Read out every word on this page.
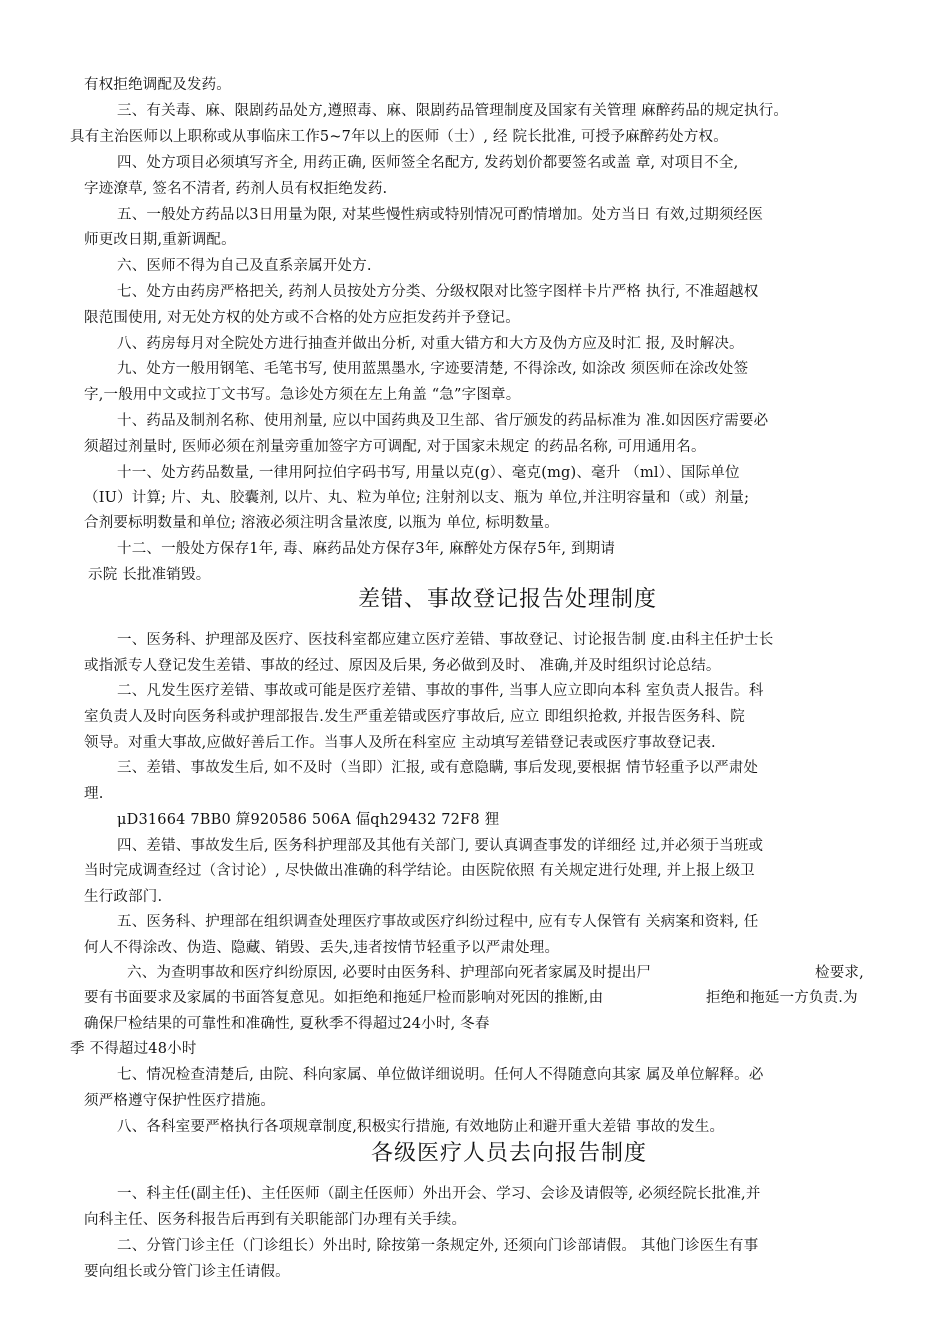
有权拒绝调配及发药。
三、有关毒、麻、限剧药品处方,遵照毒、麻、限剧药品管理制度及国家有关管理 麻醉药品的规定执行。
具有主治医师以上职称或从事临床工作5~7年以上的医师（士）, 经 院长批准, 可授予麻醉药处方权。
四、处方项目必须填写齐全, 用药正确, 医师签全名配方, 发药划价都要签名或盖 章, 对项目不全,
字迹潦草, 签名不清者, 药剂人员有权拒绝发药.
五、一般处方药品以3日用量为限, 对某些慢性病或特别情况可酌情增加。处方当日 有效,过期须经医
师更改日期,重新调配。
六、医师不得为自己及直系亲属开处方.
七、处方由药房严格把关, 药剂人员按处方分类、分级权限对比签字图样卡片严格 执行, 不准超越权
限范围使用, 对无处方权的处方或不合格的处方应拒发药并予登记。
八、药房每月对全院处方进行抽查并做出分析, 对重大错方和大方及伪方应及时汇 报, 及时解决。
九、处方一般用钢笔、毛笔书写, 使用蓝黑墨水, 字迹要清楚, 不得涂改, 如涂改 须医师在涂改处签
字,一般用中文或拉丁文书写。急诊处方须在左上角盖 “急”字图章。
十、药品及制剂名称、使用剂量, 应以中国药典及卫生部、省厅颁发的药品标准为 准.如因医疗需要必
须超过剂量时, 医师必须在剂量旁重加签字方可调配, 对于国家未规定 的药品名称, 可用通用名。
十一、处方药品数量, 一律用阿拉伯字码书写, 用量以克(g）、毫克(mg)、毫升 （ml）、国际单位
（IU）计算; 片、丸、胶囊剂, 以片、丸、粒为单位; 注射剂以支、瓶为 单位,并注明容量和（或）剂量;
合剂要标明数量和单位; 溶液必须注明含量浓度, 以瓶为 单位, 标明数量。
十二、一般处方保存1年, 毒、麻药品处方保存3年, 麻醉处方保存5年, 到期请
示院 长批准销毁。
差错、事故登记报告处理制度
一、医务科、护理部及医疗、医技科室都应建立医疗差错、事故登记、讨论报告制 度.由科主任护士长
或指派专人登记发生差错、事故的经过、原因及后果, 务必做到及时、 准确,并及时组织讨论总结。
二、凡发生医疗差错、事故或可能是医疗差错、事故的事件, 当事人应立即向本科 室负责人报告。科
室负责人及时向医务科或护理部报告.发生严重差错或医疗事故后, 应立 即组织抢救, 并报告医务科、院
领导。对重大事故,应做好善后工作。当事人及所在科室应 主动填写差错登记表或医疗事故登记表.
三、差错、事故发生后, 如不及时（当即）汇报, 或有意隐瞒, 事后发现,要根据 情节轻重予以严肃处
理.
μD31664 7BB0 箳920586 506A 偪qh29432 72F8 狸
四、差错、事故发生后, 医务科护理部及其他有关部门, 要认真调查事发的详细经 过,并必须于当班或
当时完成调查经过（含讨论）, 尽快做出准确的科学结论。由医院依照 有关规定进行处理, 并上报上级卫
生行政部门.
五、医务科、护理部在组织调查处理医疗事故或医疗纠纷过程中, 应有专人保管有 关病案和资料, 任
何人不得涂改、伪造、隐藏、销毁、丢失,违者按情节轻重予以严肃处理。
六、为查明事故和医疗纠纷原因, 必要时由医务科、护理部向死者家属及时提出尸	检要求,
要有书面要求及家属的书面答复意见。如拒绝和拖延尸检而影响对死因的推断,由	拒绝和拖延一方负责.为
确保尸检结果的可靠性和准确性, 夏秋季不得超过24小时, 冬春
季 不得超过48小时
七、情况检查清楚后, 由院、科向家属、单位做详细说明。任何人不得随意向其家 属及单位解释。必
须严格遵守保护性医疗措施。
八、各科室要严格执行各项规章制度,积极实行措施, 有效地防止和避开重大差错 事故的发生。
各级医疗人员去向报告制度
一、科主任(副主任)、主任医师（副主任医师）外出开会、学习、会诊及请假等, 必须经院长批准,并
向科主任、医务科报告后再到有关职能部门办理有关手续。
二、分管门诊主任（门诊组长）外出时, 除按第一条规定外, 还须向门诊部请假。 其他门诊医生有事
要向组长或分管门诊主任请假。
